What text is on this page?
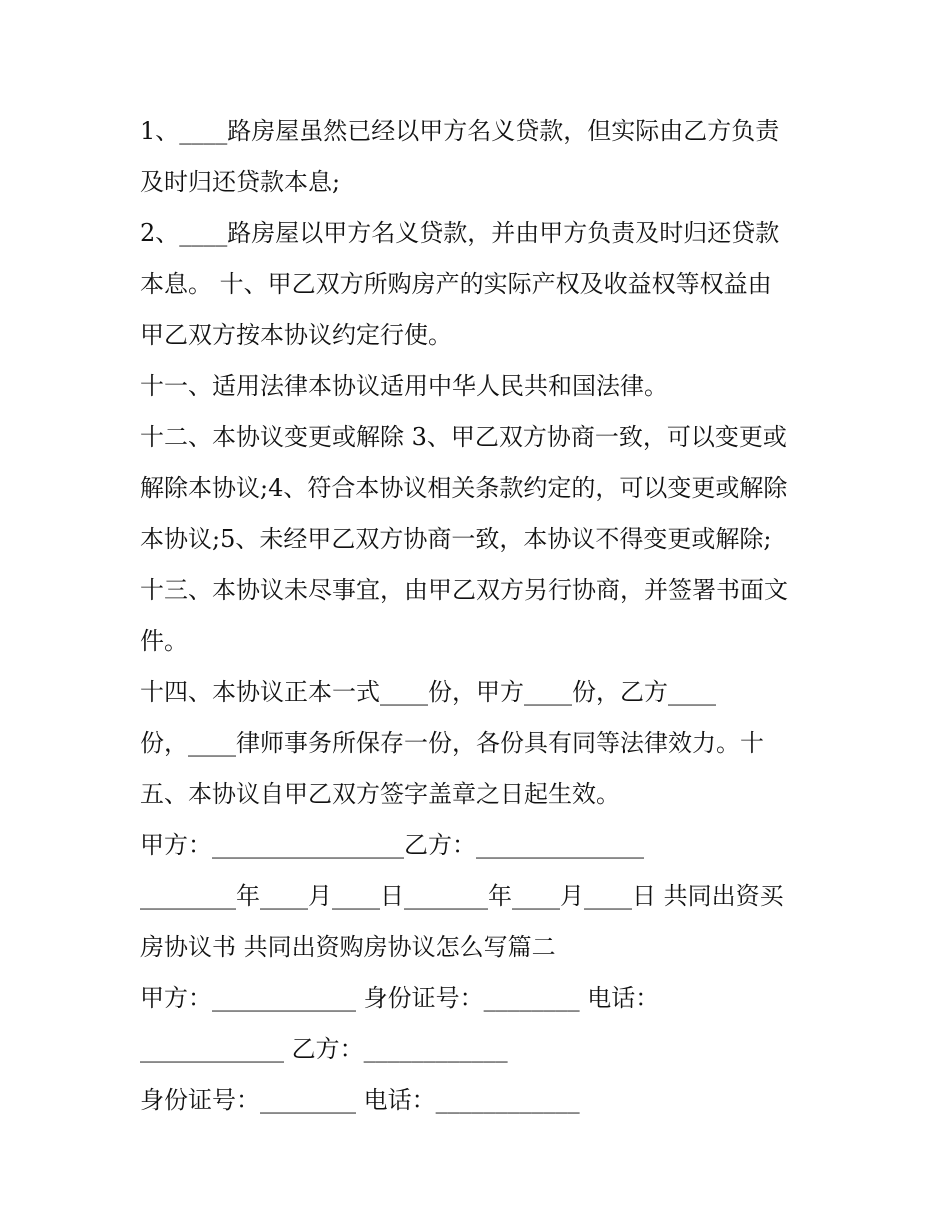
1、____路房屋虽然已经以甲方名义贷款，但实际由乙方负责
及时归还贷款本息;
2、____路房屋以甲方名义贷款，并由甲方负责及时归还贷款
本息。 十、甲乙双方所购房产的实际产权及收益权等权益由
甲乙双方按本协议约定行使。
十一、适用法律本协议适用中华人民共和国法律。
十二、本协议变更或解除 3、甲乙双方协商一致，可以变更或
解除本协议;4、符合本协议相关条款约定的，可以变更或解除
本协议;5、未经甲乙双方协商一致，本协议不得变更或解除;
十三、本协议未尽事宜，由甲乙双方另行协商，并签署书面文
件。
十四、本协议正本一式____份，甲方____份，乙方____
份，____律师事务所保存一份，各份具有同等法律效力。十
五、本协议自甲乙双方签字盖章之日起生效。
甲方：________________乙方：______________
________年____月____日_______年____月____日 共同出资买
房协议书 共同出资购房协议怎么写篇二
甲方：____________ 身份证号：________ 电话：
____________ 乙方：____________
身份证号：________ 电话：____________
